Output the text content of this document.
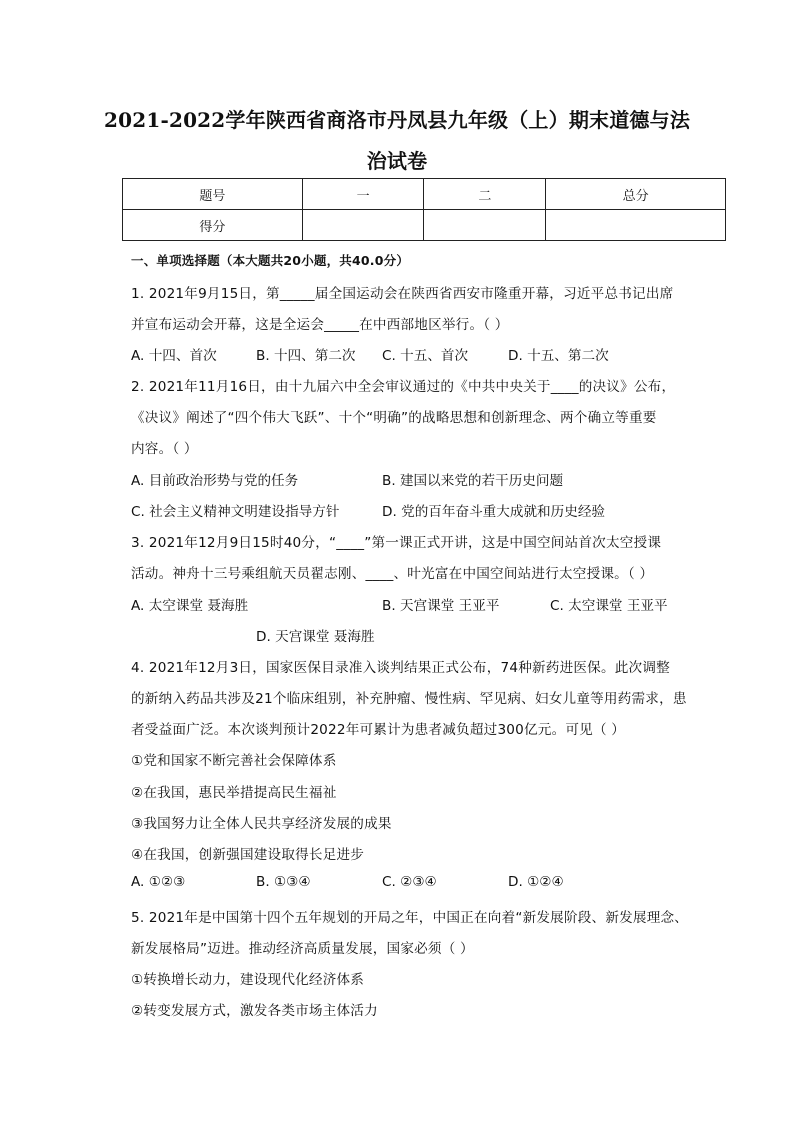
2021-2022学年陕西省商洛市丹凤县九年级（上）期末道德与法
治试卷
题号	一	二	总分
得分			
一、单项选择题（本大题共20小题，共40.0分）
1. 2021年9月15日，第_____届全国运动会在陕西省西安市隆重开幕，习近平总书记出席
并宣布运动会开幕，这是全运会_____在中西部地区举行。（ ）
A. 十四、首次	B. 十四、第二次 C. 十五、首次	D. 十五、第二次
2. 2021年11月16日，由十九届六中全会审议通过的《中共中央关于____的决议》公布，
《决议》阐述了“四个伟大飞跃”、十个“明确”的战略思想和创新理念、两个确立等重要
内容。（ ）
A. 目前政治形势与党的任务	B. 建国以来党的若干历史问题
C. 社会主义精神文明建设指导方针	D. 党的百年奋斗重大成就和历史经验
3. 2021年12月9日15时40分，“____”第一课正式开讲，这是中国空间站首次太空授课
活动。神舟十三号乘组航天员翟志刚、____、叶光富在中国空间站进行太空授课。（ ）
A. 太空课堂 聂海胜	B. 天宫课堂 王亚平	C. 太空课堂 王亚平
D. 天宫课堂 聂海胜
4. 2021年12月3日，国家医保目录准入谈判结果正式公布，74种新药进医保。此次调整
的新纳入药品共涉及21个临床组别，补充肿瘤、慢性病、罕见病、妇女儿童等用药需求，患
者受益面广泛。本次谈判预计2022年可累计为患者减负超过300亿元。可见（ ）
①党和国家不断完善社会保障体系
②在我国，惠民举措提高民生福祉
③我国努力让全体人民共享经济发展的成果
④在我国，创新强国建设取得长足进步
A. ①②③	B. ①③④	C. ②③④	D. ①②④
5. 2021年是中国第十四个五年规划的开局之年，中国正在向着“新发展阶段、新发展理念、
新发展格局”迈进。推动经济高质量发展，国家必须（ ）
①转换增长动力，建设现代化经济体系
②转变发展方式，激发各类市场主体活力
